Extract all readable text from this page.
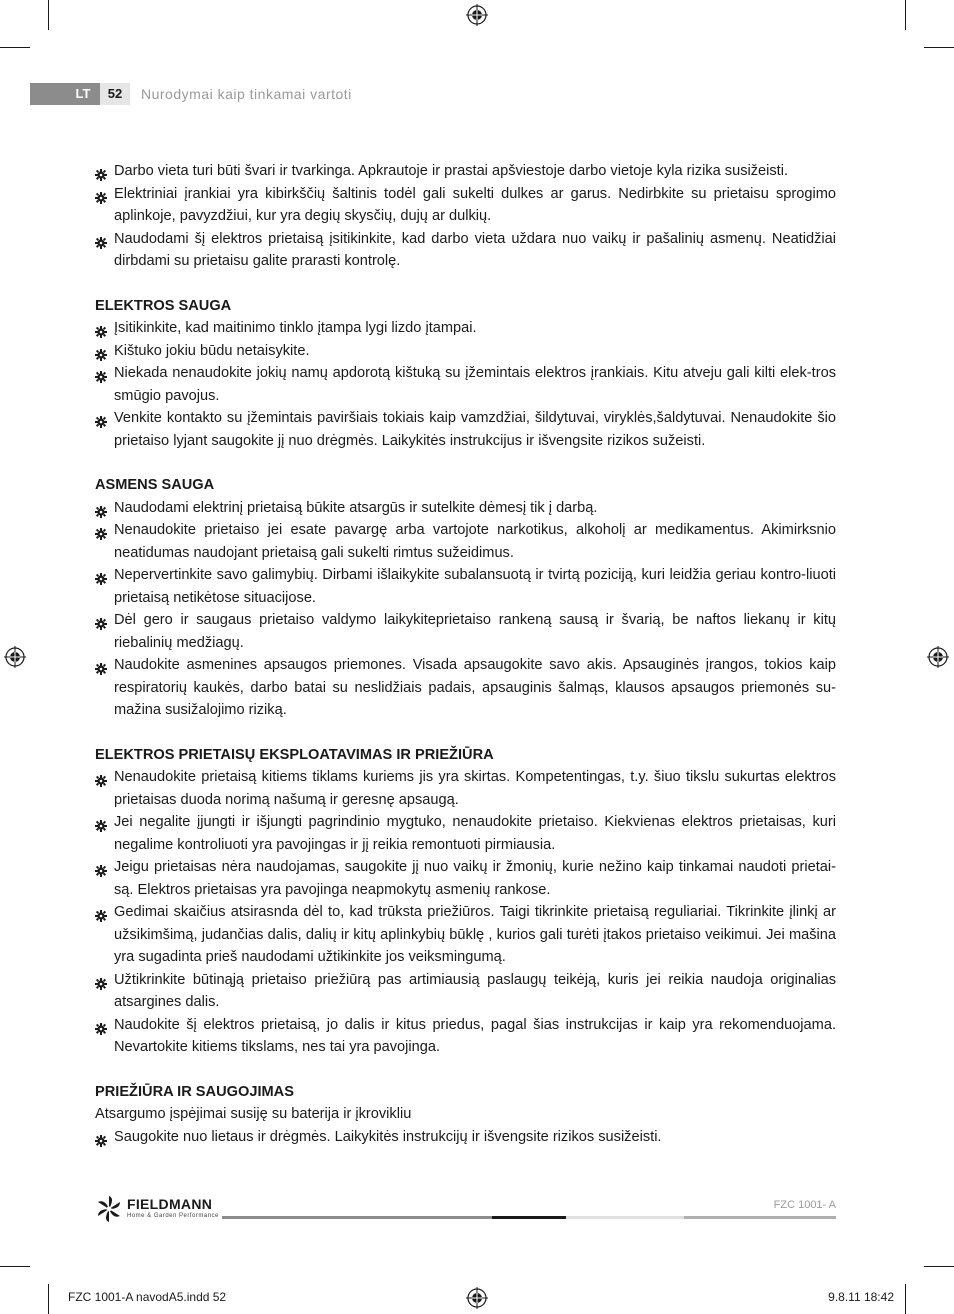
LT	52	Nurodymai kaip tinkamai vartoti
Darbo vieta turi būti švari ir tvarkinga. Apkrautoje ir prastai apšviestoje darbo vietoje kyla rizika susižeisti.
Elektriniai įrankiai yra kibirkščių šaltinis todėl gali sukelti dulkes ar garus. Nedirbkite su prietaisu sprogimo aplinkoje, pavyzdžiui, kur yra degių skysčių, dujų ar dulkių.
Naudodami šį elektros prietaisą įsitikinkite, kad darbo vieta uždara nuo vaikų ir pašalinių asmenų. Neatidžiai dirbdami su prietaisu galite prarasti kontrolę.
ELEKTROS SAUGA
Įsitikinkite, kad maitinimo tinklo įtampa lygi lizdo įtampai.
Kištuko jokiu būdu netaisykite.
Niekada nenaudokite jokių namų apdorotą kištuką su įžemintais elektros įrankiais. Kitu atveju gali kilti elek-tros smūgio pavojus.
Venkite kontakto su įžemintais paviršiais tokiais kaip vamzdžiai, šildytuvai, viryklės,šaldytuvai. Nenaudokite šio prietaiso lyjant saugokite jį nuo drėgmės. Laikykitės instrukcijus ir išvengsite rizikos sužeisti.
ASMENS SAUGA
Naudodami elektrinį prietaisą būkite atsargūs ir sutelkite dėmesį tik į darbą.
Nenaudokite prietaiso jei esate pavargę arba vartojote narkotikus, alkoholį ar medikamentus. Akimirksnio neatidumas naudojant prietaisą gali sukelti rimtus sužeidimus.
Nepervertinkite savo galimybių. Dirbami išlaikykite subalansuotą ir tvirtą poziciją, kuri leidžia geriau kontro-liuoti prietaisą netikėtose situacijose.
Dėl gero ir saugaus prietaiso valdymo laikykiteprietaiso rankeną sausą ir švarią, be naftos liekanų ir kitų riebalinių medžiagų.
Naudokite asmenines apsaugos priemones. Visada apsaugokite savo akis. Apsauginės įrangos, tokios kaip respiratorių kaukės, darbo batai su neslidžiais padais, apsauginis šalmąs, klausos apsaugos priemonės su-mažina susižalojimo riziką.
ELEKTROS PRIETAISŲ EKSPLOATAVIMAS IR PRIEŽIŪRA
Nenaudokite prietaisą kitiems tiklams kuriems jis yra skirtas. Kompetentingas, t.y. šiuo tikslu sukurtas elektros prietaisas duoda norimą našumą ir geresnę apsaugą.
Jei negalite įjungti ir išjungti pagrindinio mygtuko, nenaudokite prietaiso. Kiekvienas elektros prietaisas, kuri negalime kontroliuoti yra pavojingas ir jį reikia remontuoti pirmiausia.
Jeigu prietaisas nėra naudojamas, saugokite jį nuo vaikų ir žmonių, kurie nežino kaip tinkamai naudoti prietai-są. Elektros prietaisas yra pavojinga neapmokytų asmenių rankose.
Gedimai skaičius atsirasnda dėl to, kad trūksta priežiūros. Taigi tikrinkite prietaisą reguliariai. Tikrinkite įlinkį ar užsikimšimą, judančias dalis, dalių ir kitų aplinkybių būklę , kurios gali turėti įtakos prietaiso veikimui. Jei mašina yra sugadinta prieš naudodami užtikinkite jos veiksmingumą.
Užtikrinkite būtinąją prietaiso priežiūrą pas artimiausią paslaugų teikėją, kuris jei reikia naudoja originalias atsargines dalis.
Naudokite šį elektros prietaisą, jo dalis ir kitus priedus, pagal šias instrukcijas ir kaip yra rekomenduojama. Nevartokite kitiems tikslams, nes tai yra pavojinga.
PRIEŽIŪRA IR SAUGOJIMAS
Atsargumo įspėjimai susiję su baterija ir įkrovikliu
Saugokite nuo lietaus ir drėgmės. Laikykitės instrukcijų ir išvengsite rizikos susižeisti.
FIELDMANN
Home & Garden Performance
FZC 1001- A
FZC 1001-A navodA5.indd 52	9.8.11 18:42
